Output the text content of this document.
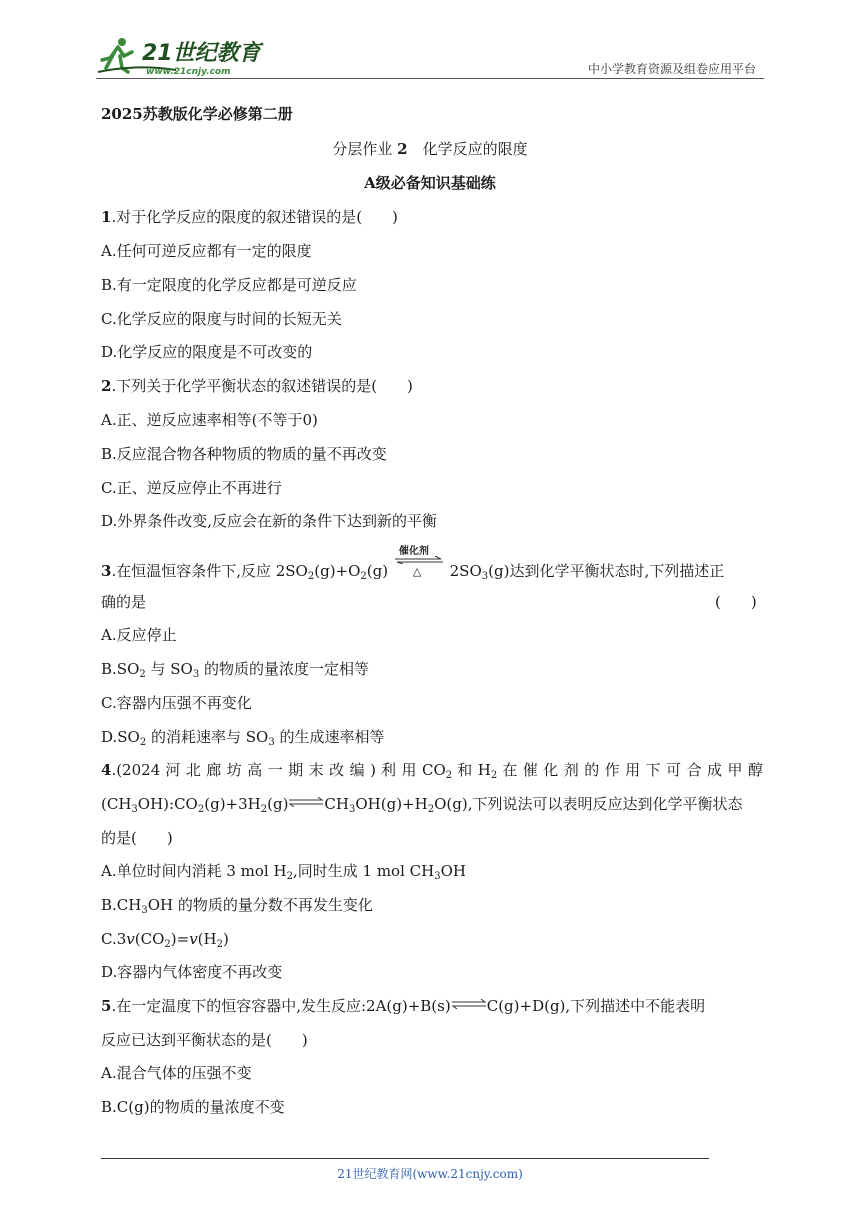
21世纪教育
www.21cnjy.com	中小学教育资源及组卷应用平台
2025苏教版化学必修第二册
分层作业 2　 化学反应的限度
A级必备知识基础练
1.对于化学反应的限度的叙述错误的是(　　)
A.任何可逆反应都有一定的限度
B.有一定限度的化学反应都是可逆反应
C.化学反应的限度与时间的长短无关
D.化学反应的限度是不可改变的
2.下列关于化学平衡状态的叙述错误的是(　　)
A.正、逆反应速率相等(不等于0)
B.反应混合物各种物质的物质的量不再改变
C.正、逆反应停止不再进行
D.外界条件改变,反应会在新的条件下达到新的平衡
3.在恒温恒容条件下,反应 $2SO_2(g)+O_2(g)$
催化剂
△ $2SO_3(g)$达到化学平衡状态时,下列描述正
确的是	(　　)
A.反应停止
$B.SO_2$ 与 $SO_3$ 的物质的量浓度一定相等
C.容器内压强不再变化
$D.SO_2$ 的消耗速率与 $SO_3$ 的生成速率相等
4.(2024 河 北 廊 坊 高 一 期 末 改 编 ) 利 用 $CO_2$ 和 $H_2$ 在 催 化 剂 的 作 用 下 可 合 成 甲 醇
$(CH_3OH):CO_2(g)+3H_2(g)\rightleftharpoons CH_3OH(g)+H_2O(g)$,下列说法可以表明反应达到化学平衡状态
的是(　　)
A.单位时间内消耗 3 mol $H_2$,同时生成 1 mol $CH_3OH$
$B.CH_3OH$ 的物质的量分数不再发生变化
$C.3v(CO_2)=v(H_2)$
D.容器内气体密度不再改变
5.在一定温度下的恒容容器中,发生反应:2A(g)+B(s)⇌C(g)+D(g),下列描述中不能表明
反应已达到平衡状态的是(　　)
A.混合气体的压强不变
B.C(g)的物质的量浓度不变
21世纪教育网(www.21cnjy.com)
